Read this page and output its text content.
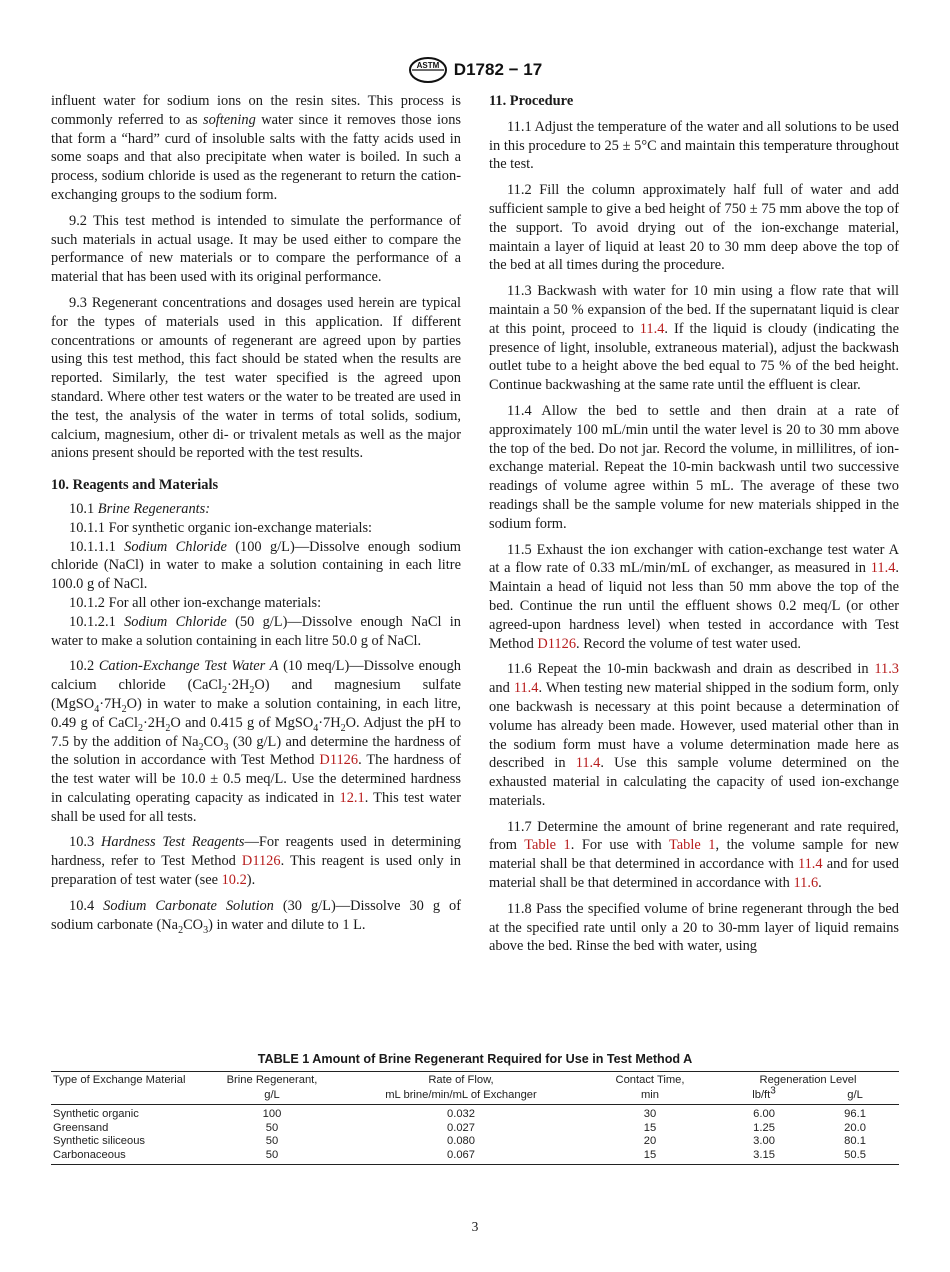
ASTM D1782 − 17

influent water for sodium ions on the resin sites. This process is commonly referred to as softening water since it removes those ions that form a “hard” curd of insoluble salts with the fatty acids used in some soaps and that also precipitate when water is boiled. In such a process, sodium chloride is used as the regenerant to return the cation-exchanging groups to the sodium form.

9.2 This test method is intended to simulate the performance of such materials in actual usage. It may be used either to compare the performance of new materials or to compare the performance of a material that has been used with its original performance.

9.3 Regenerant concentrations and dosages used herein are typical for the types of materials used in this application. If different concentrations or amounts of regenerant are agreed upon by parties using this test method, this fact should be stated when the results are reported. Similarly, the test water specified is the agreed upon standard. Where other test waters or the water to be treated are used in the test, the analysis of the water in terms of total solids, sodium, calcium, magnesium, other di- or trivalent metals as well as the major anions present should be reported with the test results.

10. Reagents and Materials

10.1 Brine Regenerants:

10.1.1 For synthetic organic ion-exchange materials:

10.1.1.1 Sodium Chloride (100 g/L)—Dissolve enough sodium chloride (NaCl) in water to make a solution containing in each litre 100.0 g of NaCl.

10.1.2 For all other ion-exchange materials:

10.1.2.1 Sodium Chloride (50 g/L)—Dissolve enough NaCl in water to make a solution containing in each litre 50.0 g of NaCl.

10.2 Cation-Exchange Test Water A (10 meq/L)—Dissolve enough calcium chloride $(CaCl_2\cdot 2H_2O)$ and magnesium sulfate $(MgSO_4\cdot 7H_2O)$ in water to make a solution containing, in each litre, 0.49 g of $CaCl_2\cdot 2H_2O$ and 0.415 g of $MgSO_4\cdot 7H_2O$. Adjust the pH to 7.5 by the addition of $Na_2CO_3$ (30 g/L) and determine the hardness of the solution in accordance with Test Method D1126. The hardness of the test water will be 10.0 ± 0.5 meq/L. Use the determined hardness in calculating operating capacity as indicated in 12.1. This test water shall be used for all tests.

10.3 Hardness Test Reagents—For reagents used in determining hardness, refer to Test Method D1126. This reagent is used only in preparation of test water (see 10.2).

10.4 Sodium Carbonate Solution (30 g/L)—Dissolve 30 g of sodium carbonate $(Na_2CO_3)$ in water and dilute to 1 L.

11. Procedure

11.1 Adjust the temperature of the water and all solutions to be used in this procedure to 25 ± 5°C and maintain this temperature throughout the test.

11.2 Fill the column approximately half full of water and add sufficient sample to give a bed height of 750 ± 75 mm above the top of the support. To avoid drying out of the ion-exchange material, maintain a layer of liquid at least 20 to 30 mm deep above the top of the bed at all times during the procedure.

11.3 Backwash with water for 10 min using a flow rate that will maintain a 50 % expansion of the bed. If the supernatant liquid is clear at this point, proceed to 11.4. If the liquid is cloudy (indicating the presence of light, insoluble, extraneous material), adjust the backwash outlet tube to a height above the bed equal to 75 % of the bed height. Continue backwashing at the same rate until the effluent is clear.

11.4 Allow the bed to settle and then drain at a rate of approximately 100 mL/min until the water level is 20 to 30 mm above the top of the bed. Do not jar. Record the volume, in millilitres, of ion-exchange material. Repeat the 10-min backwash until two successive readings of volume agree within 5 mL. The average of these two readings shall be the sample volume for new materials shipped in the sodium form.

11.5 Exhaust the ion exchanger with cation-exchange test water A at a flow rate of 0.33 mL/min/mL of exchanger, as measured in 11.4. Maintain a head of liquid not less than 50 mm above the top of the bed. Continue the run until the effluent shows 0.2 meq/L (or other agreed-upon hardness level) when tested in accordance with Test Method D1126. Record the volume of test water used.

11.6 Repeat the 10-min backwash and drain as described in 11.3 and 11.4. When testing new material shipped in the sodium form, only one backwash is necessary at this point because a determination of volume has already been made. However, used material other than in the sodium form must have a volume determination made here as described in 11.4. Use this sample volume determined on the exhausted material in calculating the capacity of used ion-exchange materials.

11.7 Determine the amount of brine regenerant and rate required, from Table 1. For use with Table 1, the volume sample for new material shall be that determined in accordance with 11.4 and for used material shall be that determined in accordance with 11.6.

11.8 Pass the specified volume of brine regenerant through the bed at the specified rate until only a 20 to 30-mm layer of liquid remains above the bed. Rinse the bed with water, using

TABLE 1 Amount of Brine Regenerant Required for Use in Test Method A

Type of Exchange Material	Brine Regenerant,	Rate of Flow,	Contact Time,	Regeneration Level	
	g/L	mL brine/min/mL of Exchanger	min	$lb/ft^3$	g/L
Synthetic organic	100	0.032	30	6.00	96.1
Greensand	50	0.027	15	1.25	20.0
Synthetic siliceous	50	0.080	20	3.00	80.1
Carbonaceous	50	0.067	15	3.15	50.5
3
